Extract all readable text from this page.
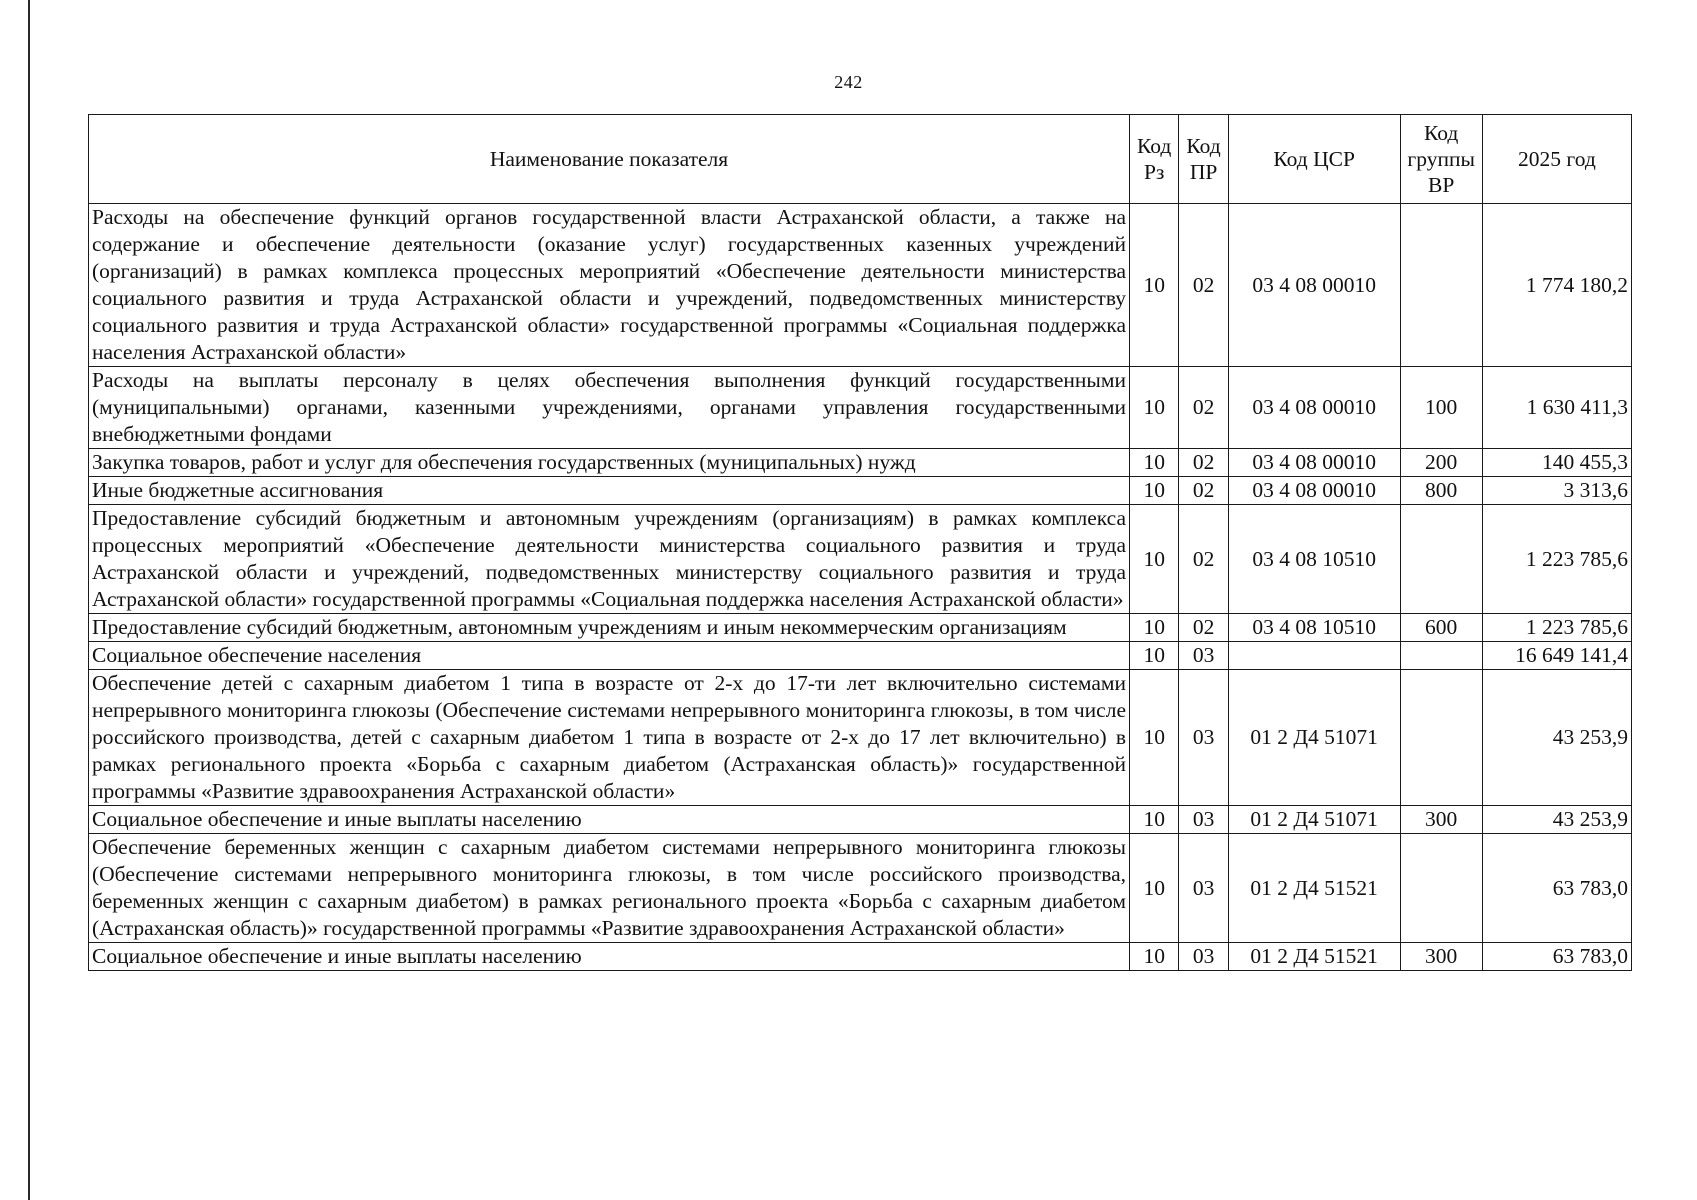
242
Наименование показателя	Код Рз	Код ПР	Код ЦСР	Код группы ВР	2025 год
Расходы на обеспечение функций органов государственной власти Астраханской области, а также на содержание и обеспечение деятельности (оказание услуг) государственных казенных учреждений (организаций) в рамках комплекса процессных мероприятий «Обеспечение деятельности министерства социального развития и труда Астраханской области и учреждений, подведомственных министерству социального развития и труда Астраханской области» государственной программы «Социальная поддержка населения Астраханской области»	10	02	03 4 08 00010		1 774 180,2
Расходы на выплаты персоналу в целях обеспечения выполнения функций государственными (муниципальными) органами, казенными учреждениями, органами управления государственными внебюджетными фондами	10	02	03 4 08 00010	100	1 630 411,3
Закупка товаров, работ и услуг для обеспечения государственных (муниципальных) нужд	10	02	03 4 08 00010	200	140 455,3
Иные бюджетные ассигнования	10	02	03 4 08 00010	800	3 313,6
Предоставление субсидий бюджетным и автономным учреждениям (организациям) в рамках комплекса процессных мероприятий «Обеспечение деятельности министерства социального развития и труда Астраханской области и учреждений, подведомственных министерству социального развития и труда Астраханской области» государственной программы «Социальная поддержка населения Астраханской области»	10	02	03 4 08 10510		1 223 785,6
Предоставление субсидий бюджетным, автономным учреждениям и иным некоммерческим организациям	10	02	03 4 08 10510	600	1 223 785,6
Социальное обеспечение населения	10	03			16 649 141,4
Обеспечение детей с сахарным диабетом 1 типа в возрасте от 2-х до 17-ти лет включительно системами непрерывного мониторинга глюкозы (Обеспечение системами непрерывного мониторинга глюкозы, в том числе российского производства, детей с сахарным диабетом 1 типа в возрасте от 2-х до 17 лет включительно) в рамках регионального проекта «Борьба с сахарным диабетом (Астраханская область)» государственной программы «Развитие здравоохранения Астраханской области»	10	03	01 2 Д4 51071		43 253,9
Социальное обеспечение и иные выплаты населению	10	03	01 2 Д4 51071	300	43 253,9
Обеспечение беременных женщин с сахарным диабетом системами непрерывного мониторинга глюкозы (Обеспечение системами непрерывного мониторинга глюкозы, в том числе российского производства, беременных женщин с сахарным диабетом) в рамках регионального проекта «Борьба с сахарным диабетом (Астраханская область)» государственной программы «Развитие здравоохранения Астраханской области»	10	03	01 2 Д4 51521		63 783,0
Социальное обеспечение и иные выплаты населению	10	03	01 2 Д4 51521	300	63 783,0
